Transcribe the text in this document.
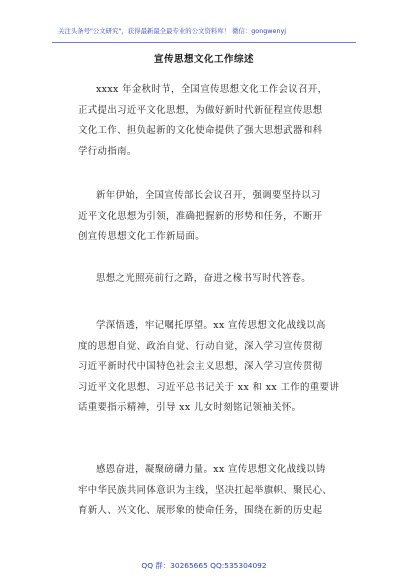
关注头条号"公文研究"，获得最新最全最专业的公文资料库！ 微信：gongwenyj
宣传思想文化工作综述
xxxx 年金秋时节，全国宣传思想文化工作会议召开，
正式提出习近平文化思想，为做好新时代新征程宣传思想
文化工作、担负起新的文化使命提供了强大思想武器和科
学行动指南。
新年伊始，全国宣传部长会议召开，强调要坚持以习
近平文化思想为引领，准确把握新的形势和任务，不断开
创宣传思想文化工作新局面。
思想之光照亮前行之路，奋进之椽书写时代答卷。
学深悟透，牢记嘱托厚望。xx 宣传思想文化战线以高
度的思想自觉、政治自觉、行动自觉，深入学习宣传贯彻
习近平新时代中国特色社会主义思想，深入学习宣传贯彻
习近平文化思想、习近平总书记关于 xx 和 xx 工作的重要讲
话重要指示精神，引导 xx 儿女时刻铭记领袖关怀。
感恩奋进，凝聚磅礴力量。xx 宣传思想文化战线以铸
牢中华民族共同体意识为主线，坚决扛起举旗帜、聚民心、
育新人、兴文化、展形象的使命任务，围绕在新的历史起
QQ 群：30265665 QQ:535304092
